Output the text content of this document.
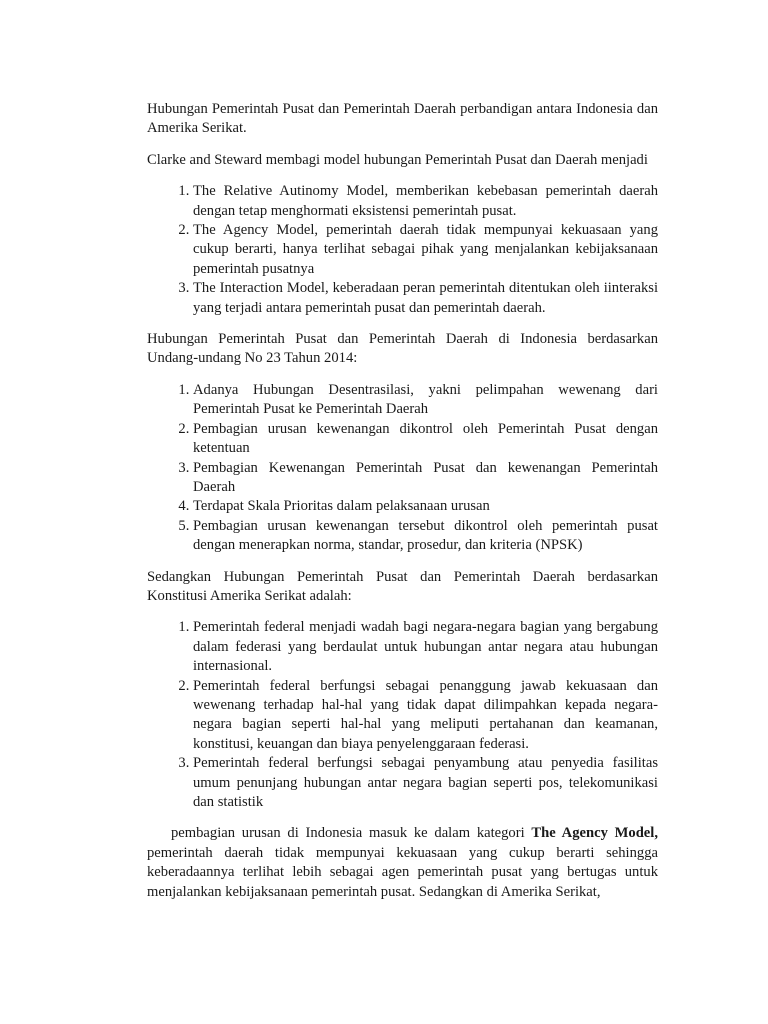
Hubungan Pemerintah Pusat dan Pemerintah Daerah perbandigan antara Indonesia dan Amerika Serikat.

Clarke and Steward membagi model hubungan Pemerintah Pusat dan Daerah menjadi

1. The Relative Autinomy Model, memberikan kebebasan pemerintah daerah dengan tetap menghormati eksistensi pemerintah pusat.
2. The Agency Model, pemerintah daerah tidak mempunyai kekuasaan yang cukup berarti, hanya terlihat sebagai pihak yang menjalankan kebijaksanaan pemerintah pusatnya
3. The Interaction Model, keberadaan peran pemerintah ditentukan oleh iinteraksi yang terjadi antara pemerintah pusat dan pemerintah daerah.

Hubungan Pemerintah Pusat dan Pemerintah Daerah di Indonesia berdasarkan Undang-undang No 23 Tahun 2014:

1. Adanya Hubungan Desentrasilasi, yakni pelimpahan wewenang dari Pemerintah Pusat ke Pemerintah Daerah
2. Pembagian urusan kewenangan dikontrol oleh Pemerintah Pusat dengan ketentuan
3. Pembagian Kewenangan Pemerintah Pusat dan kewenangan Pemerintah Daerah
4. Terdapat Skala Prioritas dalam pelaksanaan urusan
5. Pembagian urusan kewenangan tersebut dikontrol oleh pemerintah pusat dengan menerapkan norma, standar, prosedur, dan kriteria (NPSK)

Sedangkan Hubungan Pemerintah Pusat dan Pemerintah Daerah berdasarkan Konstitusi Amerika Serikat adalah:

1. Pemerintah federal menjadi wadah bagi negara-negara bagian yang bergabung dalam federasi yang berdaulat untuk hubungan antar negara atau hubungan internasional.
2. Pemerintah federal berfungsi sebagai penanggung jawab kekuasaan dan wewenang terhadap hal-hal yang tidak dapat dilimpahkan kepada negara-negara bagian seperti hal-hal yang meliputi pertahanan dan keamanan, konstitusi, keuangan dan biaya penyelenggaraan federasi.
3. Pemerintah federal berfungsi sebagai penyambung atau penyedia fasilitas umum penunjang hubungan antar negara bagian seperti pos, telekomunikasi dan statistik

pembagian urusan di Indonesia masuk ke dalam kategori The Agency Model, pemerintah daerah tidak mempunyai kekuasaan yang cukup berarti sehingga keberadaannya terlihat lebih sebagai agen pemerintah pusat yang bertugas untuk menjalankan kebijaksanaan pemerintah pusat. Sedangkan di Amerika Serikat,
